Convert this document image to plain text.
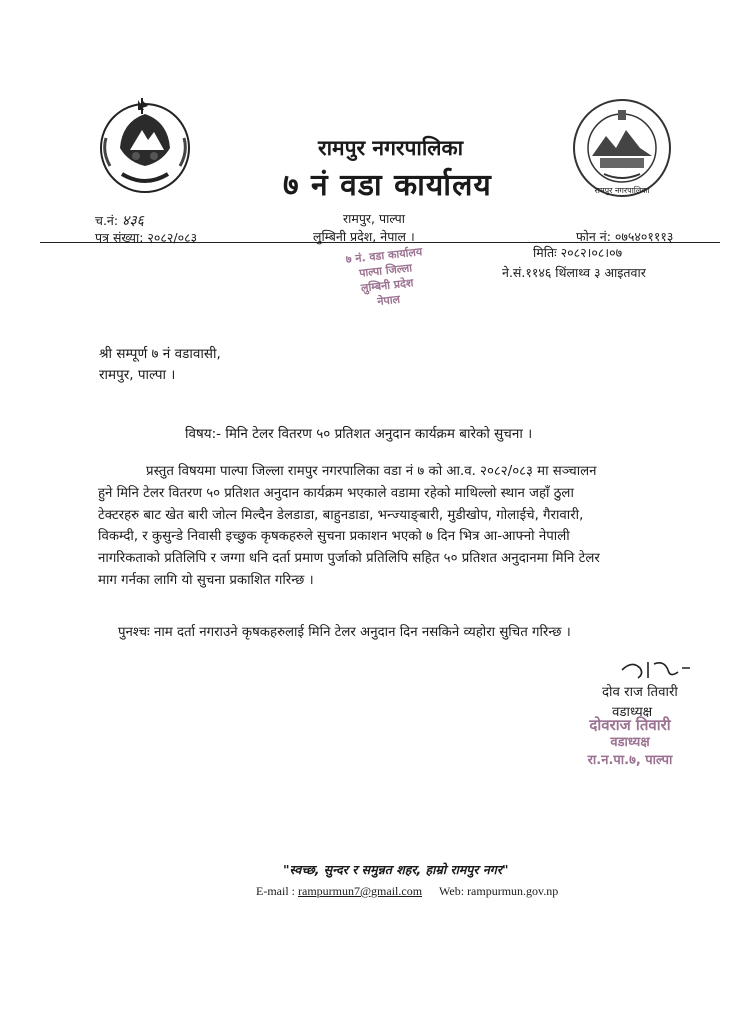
रामपुर नगरपालिका
रामपुर नगरपालिका
७ नं वडा कार्यालय
च.नं: ४३६
पत्र संख्या: २०८२/०८३
रामपुर, पाल्पा
लुम्बिनी प्रदेश, नेपाल ।	फोन नं: ०७५४०१११३
मितिः २०८२।०८।०७
ने.सं.११४६ थिंलाथ्व ३ आइतवार
७ नं. वडा कार्यालय
पाल्पा जिल्ला
लुम्बिनी प्रदेश
नेपाल
श्री सम्पूर्ण ७ नं वडावासी,
रामपुर, पाल्पा ।
विषय:- मिनि टेलर वितरण ५० प्रतिशत अनुदान कार्यक्रम बारेको सुचना ।
प्रस्तुत विषयमा पाल्पा जिल्ला रामपुर नगरपालिका वडा नं ७ को आ.व. २०८२/०८३ मा सञ्चालन
हुने मिनि टेलर वितरण ५० प्रतिशत अनुदान कार्यक्रम भएकाले वडामा रहेको माथिल्लो स्थान जहाँ ठुला
टेक्टरहरु बाट खेत बारी जोत्न मिल्दैन डेलडाडा, बाहुनडाडा, भन्ज्याङ्बारी, मुडीखोप, गोलाईचे, गैरावारी,
विकम्दी, र कुसुन्डे निवासी इच्छुक कृषकहरुले सुचना प्रकाशन भएको ७ दिन भित्र आ-आफ्नो नेपाली
नागरिकताको प्रतिलिपि र जग्गा धनि दर्ता प्रमाण पुर्जाको प्रतिलिपि सहित ५० प्रतिशत अनुदानमा मिनि टेलर
माग गर्नका लागि यो सुचना प्रकाशित गरिन्छ ।
पुनश्चः नाम दर्ता नगराउने कृषकहरुलाई मिनि टेलर अनुदान दिन नसकिने व्यहोरा सुचित गरिन्छ ।
दोव राज तिवारी
वडाध्यक्ष
दोवराज तिवारी
वडाध्यक्ष
रा.न.पा.७, पाल्पा
"स्वच्छ, सुन्दर र समुन्नत शहर, हाम्रो रामपुर नगर"
E-mail : rampurmun7@gmail.com Web: rampurmun.gov.np
